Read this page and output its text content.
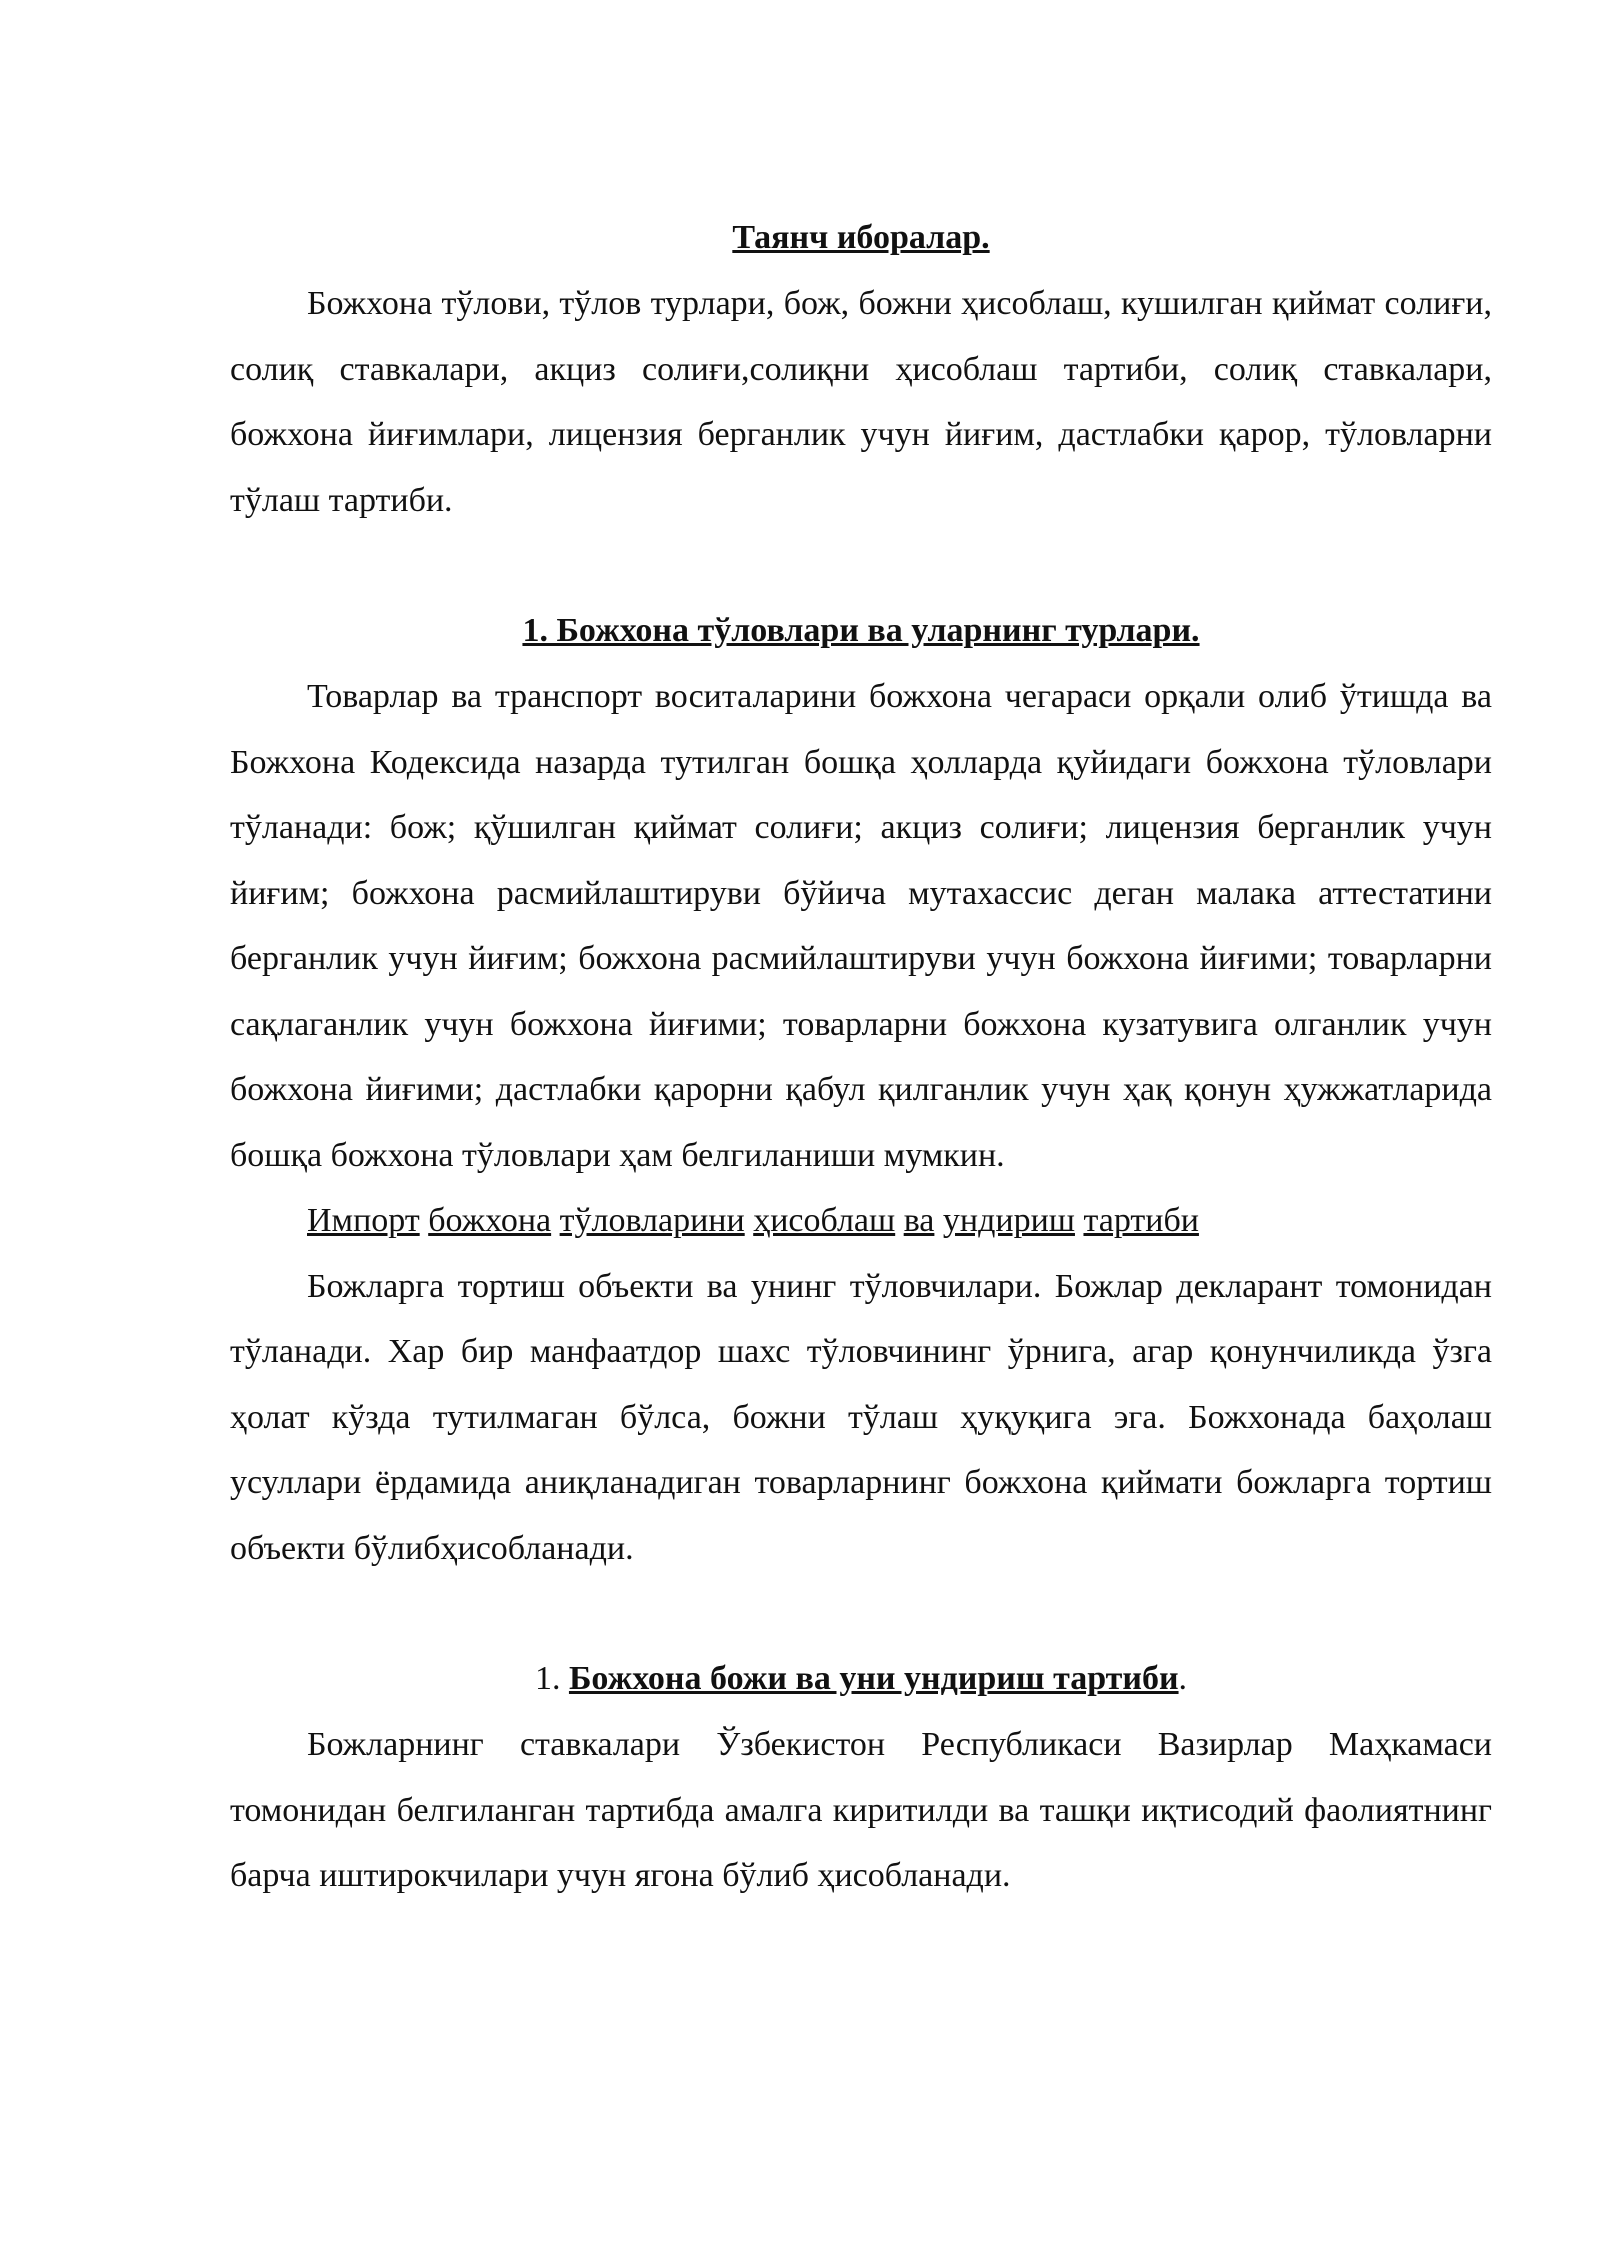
Таянч иборалар.

Божхона тўлови, тўлов турлари, бож, божни ҳисоблаш, кушилган қиймат солиғи, солиқ ставкалари, акциз солиғи,солиқни ҳисоблаш тартиби, солиқ ставкалари, божхона йиғимлари, лицензия берганлик учун йиғим, дастлабки қарор, тўловларни тўлаш тартиби.

1. Божхона тўловлари ва уларнинг турлари.

Товарлар ва транспорт воситаларини божхона чегараси орқали олиб ўтишда ва Божхона Кодексида назарда тутилган бошқа ҳолларда қуйидаги божхона тўловлари тўланади: бож; қўшилган қиймат солиғи; акциз солиғи; лицензия берганлик учун йиғим; божхона расмийлаштируви бўйича мутахассис деган малака аттестатини берганлик учун йиғим; божхона расмийлаштируви учун божхона йиғими; товарларни сақлаганлик учун божхона йиғими; товарларни божхона кузатувига олганлик учун божхона йиғими; дастлабки қарорни қабул қилганлик учун ҳақ қонун ҳужжатларида бошқа божхона тўловлари ҳам белгиланиши мумкин.

Импорт божхона тўловларини ҳисоблаш ва ундириш тартиби

Божларга тортиш объекти ва унинг тўловчилари. Божлар декларант томонидан тўланади. Хар бир манфаатдор шахс тўловчининг ўрнига, агар қонунчиликда ўзга ҳолат кўзда тутилмаган бўлса, божни тўлаш ҳуқуқига эга. Божхонада баҳолаш усуллари ёрдамида аниқланадиган товарларнинг божхона қиймати божларга тортиш объекти бўлибҳисобланади.

1. Божхона божи ва уни ундириш тартиби.

Божларнинг ставкалари Ўзбекистон Республикаси Вазирлар Маҳкамаси томонидан белгиланган тартибда амалга киритилди ва ташқи иқтисодий фаолиятнинг барча иштирокчилари учун ягона бўлиб ҳисобланади.
